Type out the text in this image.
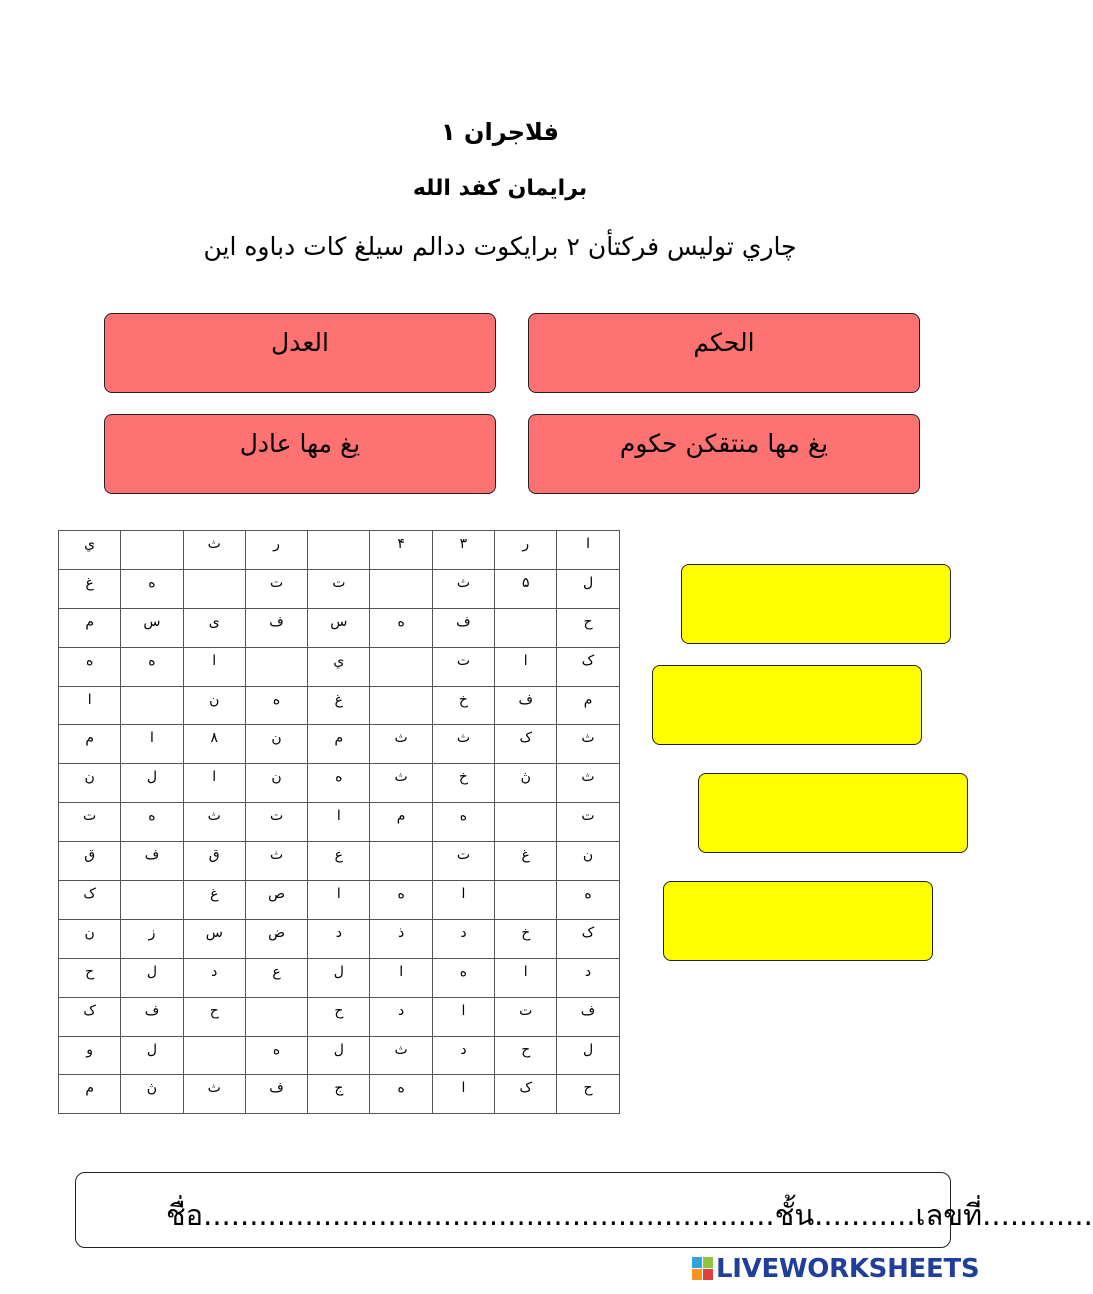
فلاجران ١
برايمان كفد الله
چاري توليس فركتأن ٢ برايكوت ددالم سيلغ كات دباوه اين
الحكم
العدل
يغ مها منتقكن حكوم
يغ مها عادل
ي		ث	ر		۴	٣	ر	ا
غ	ه		ت	ت		ث	۵	ل
م	س	ى	ف	س	ه	ف		ح
ه	ه	ا		ي		ت	ا	ک
ا		ن	ه	غ		خ	ف	م
م	ا	٨	ن	م	ث	ث	ک	ث
ن	ل	ا	ن	ه	ث	خ	ڽ	ث
ت	ه	ث	ت	ا	م	ه		ت
ق	ف	ق	ث	ع		ت	غ	ن
ک		غ	ص	ا	ه	ا		ه
ن	ز	س	ض	د	ذ	د	خ	ک
ح	ل	د	ع	ل	ا	ه	ا	د
ک	ف	ح		ح	د	ا	ت	ف
و	ل		ه	ل	ث	د	ح	ل
م	ڽ	ث	ف	ج	ه	ا	ک	ح
ชื่อ..............................................................ชั้น...........เลขที่............
LIVEWORKSHEETS
